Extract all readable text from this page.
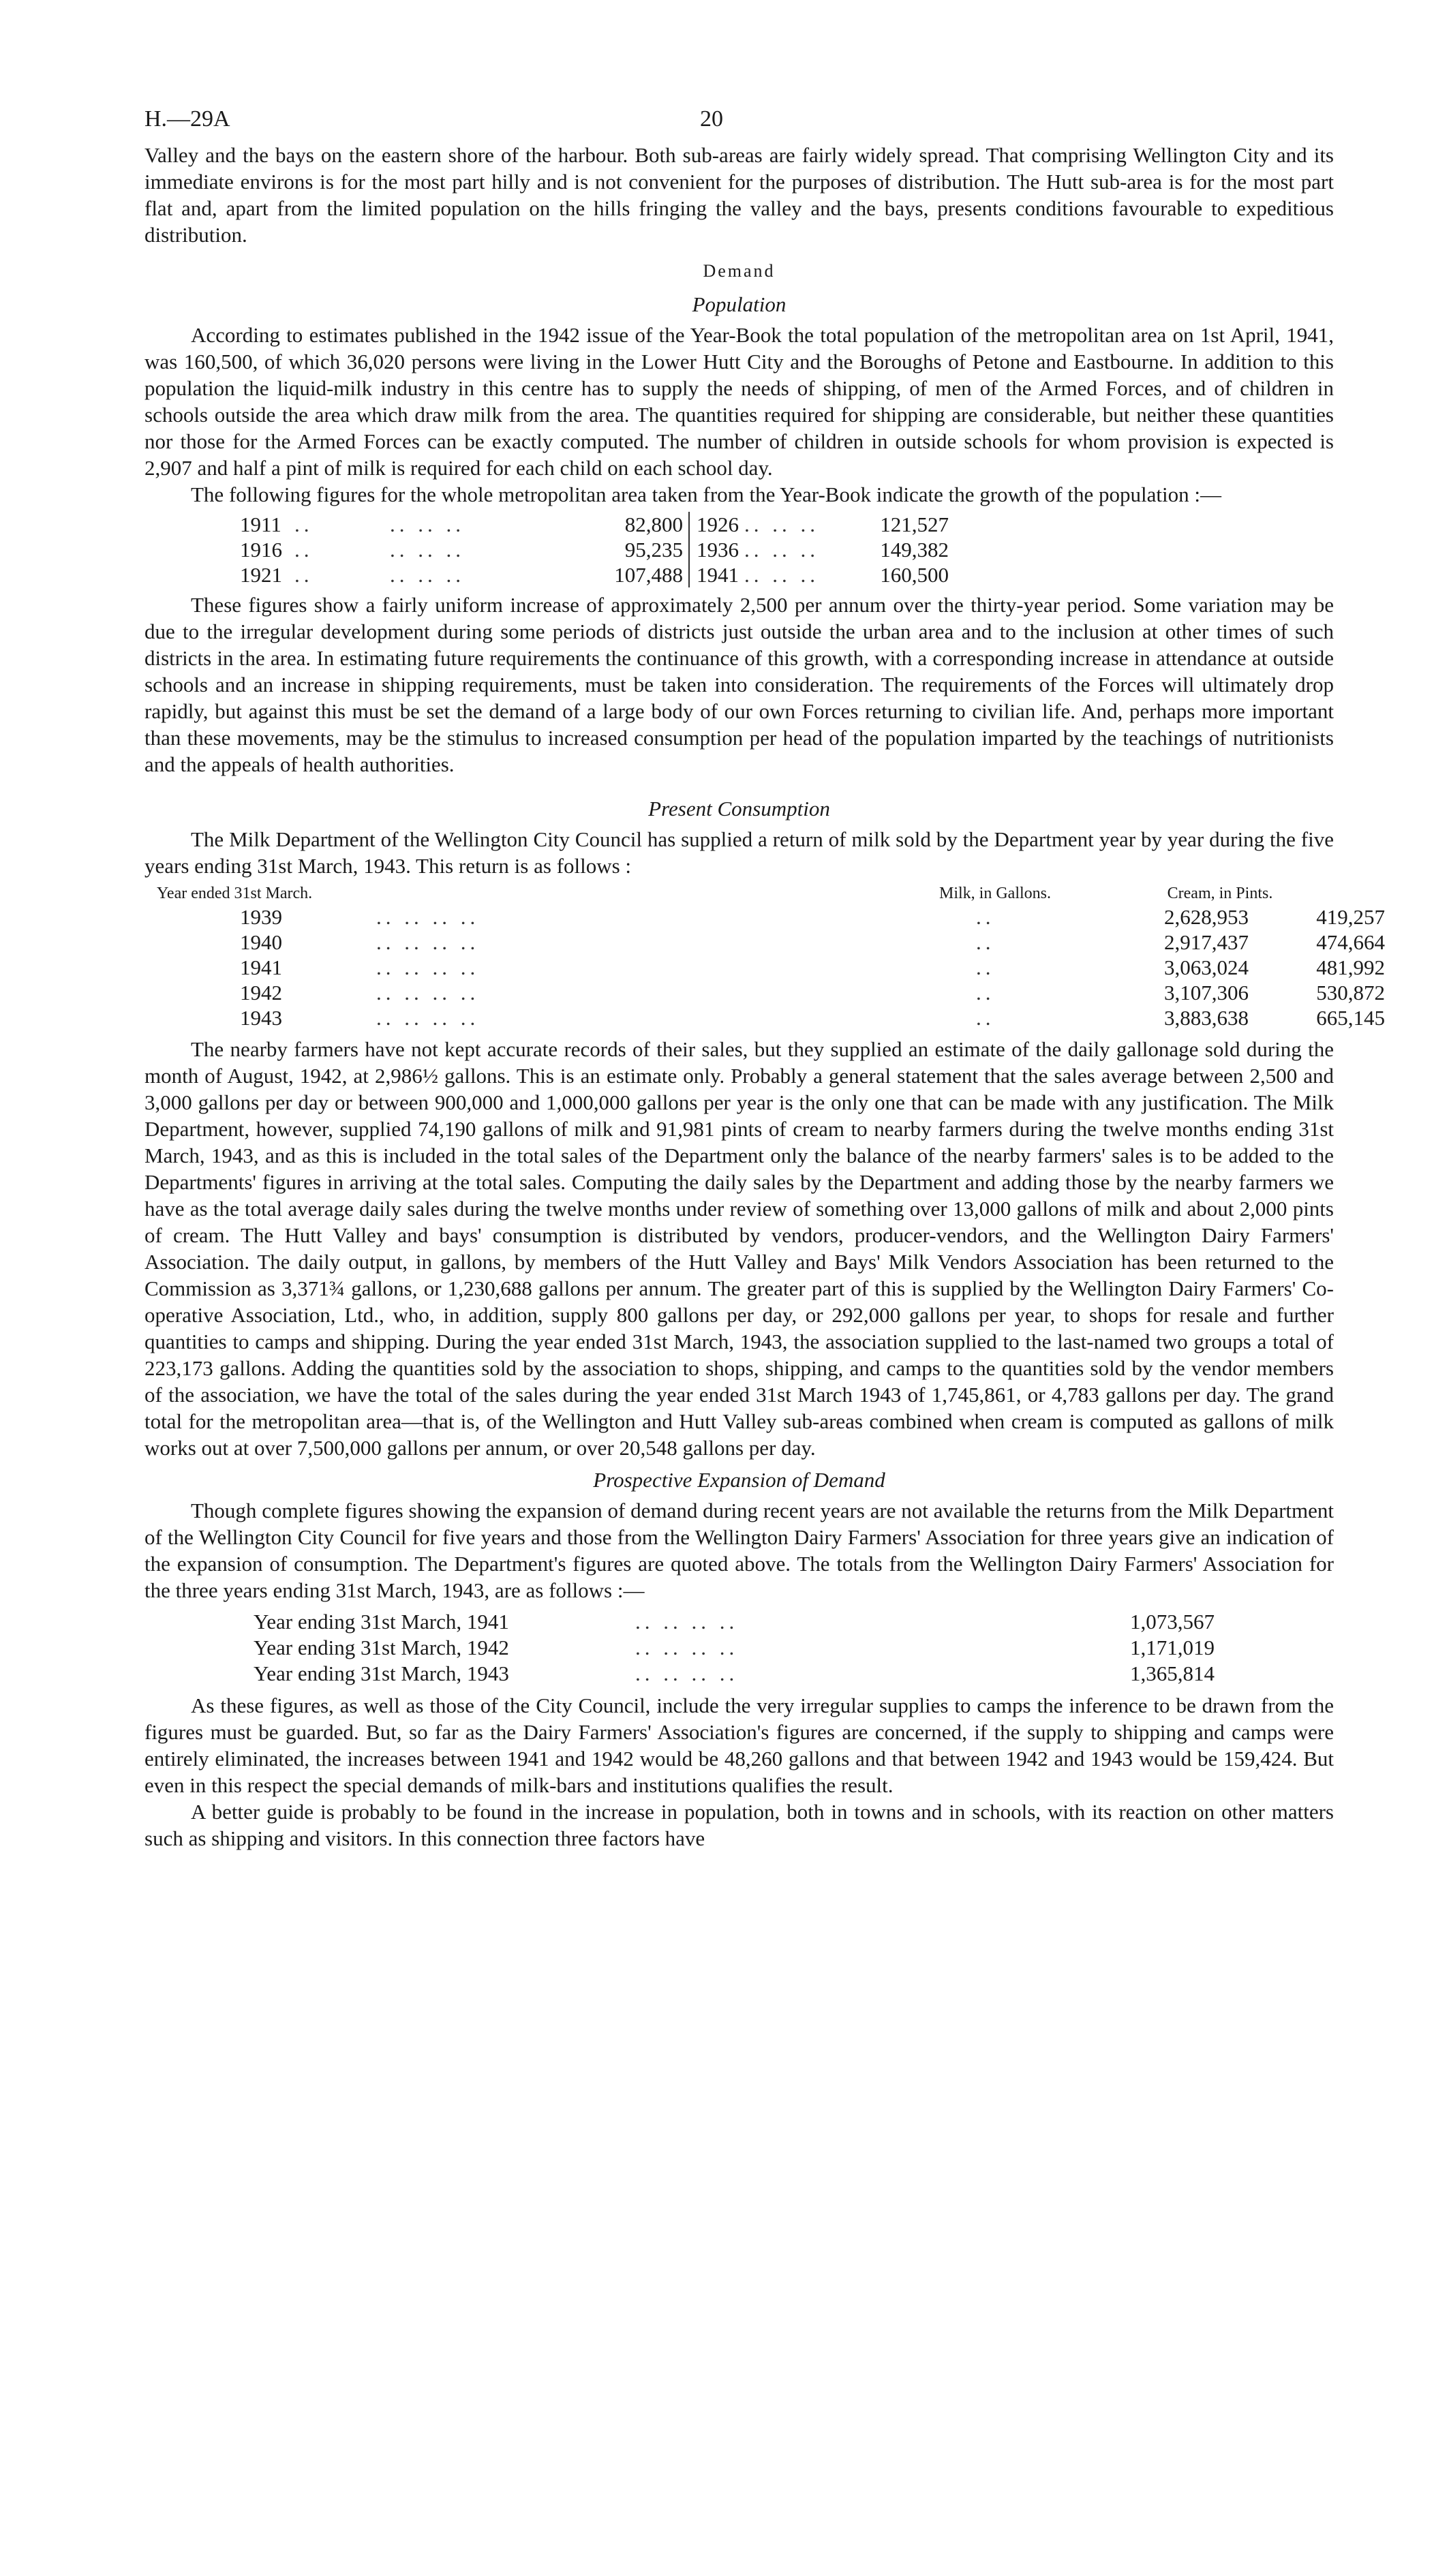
H.—29A	20

Valley and the bays on the eastern shore of the harbour. Both sub-areas are fairly widely spread. That comprising Wellington City and its immediate environs is for the most part hilly and is not convenient for the purposes of distribution. The Hutt sub-area is for the most part flat and, apart from the limited population on the hills fringing the valley and the bays, presents conditions favourable to expeditious distribution.

Demand

Population

According to estimates published in the 1942 issue of the Year-Book the total population of the metropolitan area on 1st April, 1941, was 160,500, of which 36,020 persons were living in the Lower Hutt City and the Boroughs of Petone and Eastbourne. In addition to this population the liquid-milk industry in this centre has to supply the needs of shipping, of men of the Armed Forces, and of children in schools outside the area which draw milk from the area. The quantities required for shipping are considerable, but neither these quantities nor those for the Armed Forces can be exactly computed. The number of children in outside schools for whom provision is expected is 2,907 and half a pint of milk is required for each child on each school day.

The following figures for the whole metropolitan area taken from the Year-Book indicate the growth of the population :—

1911 ..	.. .. ..	82,800 1926 .. .. ..	121,527
1916 ..	.. .. ..	95,235 1936 .. .. ..	149,382
1921 ..	.. .. ..	107,488 1941 .. .. ..	160,500

These figures show a fairly uniform increase of approximately 2,500 per annum over the thirty-year period. Some variation may be due to the irregular development during some periods of districts just outside the urban area and to the inclusion at other times of such districts in the area. In estimating future requirements the continuance of this growth, with a corresponding increase in attendance at outside schools and an increase in shipping requirements, must be taken into consideration. The requirements of the Forces will ultimately drop rapidly, but against this must be set the demand of a large body of our own Forces returning to civilian life. And, perhaps more important than these movements, may be the stimulus to increased consumption per head of the population imparted by the teachings of nutritionists and the appeals of health authorities.

Present Consumption

The Milk Department of the Wellington City Council has supplied a return of milk sold by the Department year by year during the five years ending 31st March, 1943. This return is as follows :

Year ended 31st March.	Milk, in Gallons.	Cream, in Pints.
1939	.. .. .. ..	..	2,628,953	419,257
1940	.. .. .. ..	..	2,917,437	474,664
1941	.. .. .. ..	..	3,063,024	481,992
1942	.. .. .. ..	..	3,107,306	530,872
1943	.. .. .. ..	..	3,883,638	665,145

The nearby farmers have not kept accurate records of their sales, but they supplied an estimate of the daily gallonage sold during the month of August, 1942, at 2,986½ gallons. This is an estimate only. Probably a general statement that the sales average between 2,500 and 3,000 gallons per day or between 900,000 and 1,000,000 gallons per year is the only one that can be made with any justification. The Milk Department, however, supplied 74,190 gallons of milk and 91,981 pints of cream to nearby farmers during the twelve months ending 31st March, 1943, and as this is included in the total sales of the Department only the balance of the nearby farmers' sales is to be added to the Departments' figures in arriving at the total sales. Computing the daily sales by the Department and adding those by the nearby farmers we have as the total average daily sales during the twelve months under review of something over 13,000 gallons of milk and about 2,000 pints of cream. The Hutt Valley and bays' consumption is distributed by vendors, producer-vendors, and the Wellington Dairy Farmers' Association. The daily output, in gallons, by members of the Hutt Valley and Bays' Milk Vendors Association has been returned to the Commission as 3,371¾ gallons, or 1,230,688 gallons per annum. The greater part of this is supplied by the Wellington Dairy Farmers' Co-operative Association, Ltd., who, in addition, supply 800 gallons per day, or 292,000 gallons per year, to shops for resale and further quantities to camps and shipping. During the year ended 31st March, 1943, the association supplied to the last-named two groups a total of 223,173 gallons. Adding the quantities sold by the association to shops, shipping, and camps to the quantities sold by the vendor members of the association, we have the total of the sales during the year ended 31st March 1943 of 1,745,861, or 4,783 gallons per day. The grand total for the metropolitan area—that is, of the Wellington and Hutt Valley sub-areas combined when cream is computed as gallons of milk works out at over 7,500,000 gallons per annum, or over 20,548 gallons per day.

Prospective Expansion of Demand

Though complete figures showing the expansion of demand during recent years are not available the returns from the Milk Department of the Wellington City Council for five years and those from the Wellington Dairy Farmers' Association for three years give an indication of the expansion of consumption. The Department's figures are quoted above. The totals from the Wellington Dairy Farmers' Association for the three years ending 31st March, 1943, are as follows :—

Year ending 31st March, 1941	.. .. .. ..	1,073,567
Year ending 31st March, 1942	.. .. .. ..	1,171,019
Year ending 31st March, 1943	.. .. .. ..	1,365,814

As these figures, as well as those of the City Council, include the very irregular supplies to camps the inference to be drawn from the figures must be guarded. But, so far as the Dairy Farmers' Association's figures are concerned, if the supply to shipping and camps were entirely eliminated, the increases between 1941 and 1942 would be 48,260 gallons and that between 1942 and 1943 would be 159,424. But even in this respect the special demands of milk-bars and institutions qualifies the result.

A better guide is probably to be found in the increase in population, both in towns and in schools, with its reaction on other matters such as shipping and visitors. In this connection three factors have
